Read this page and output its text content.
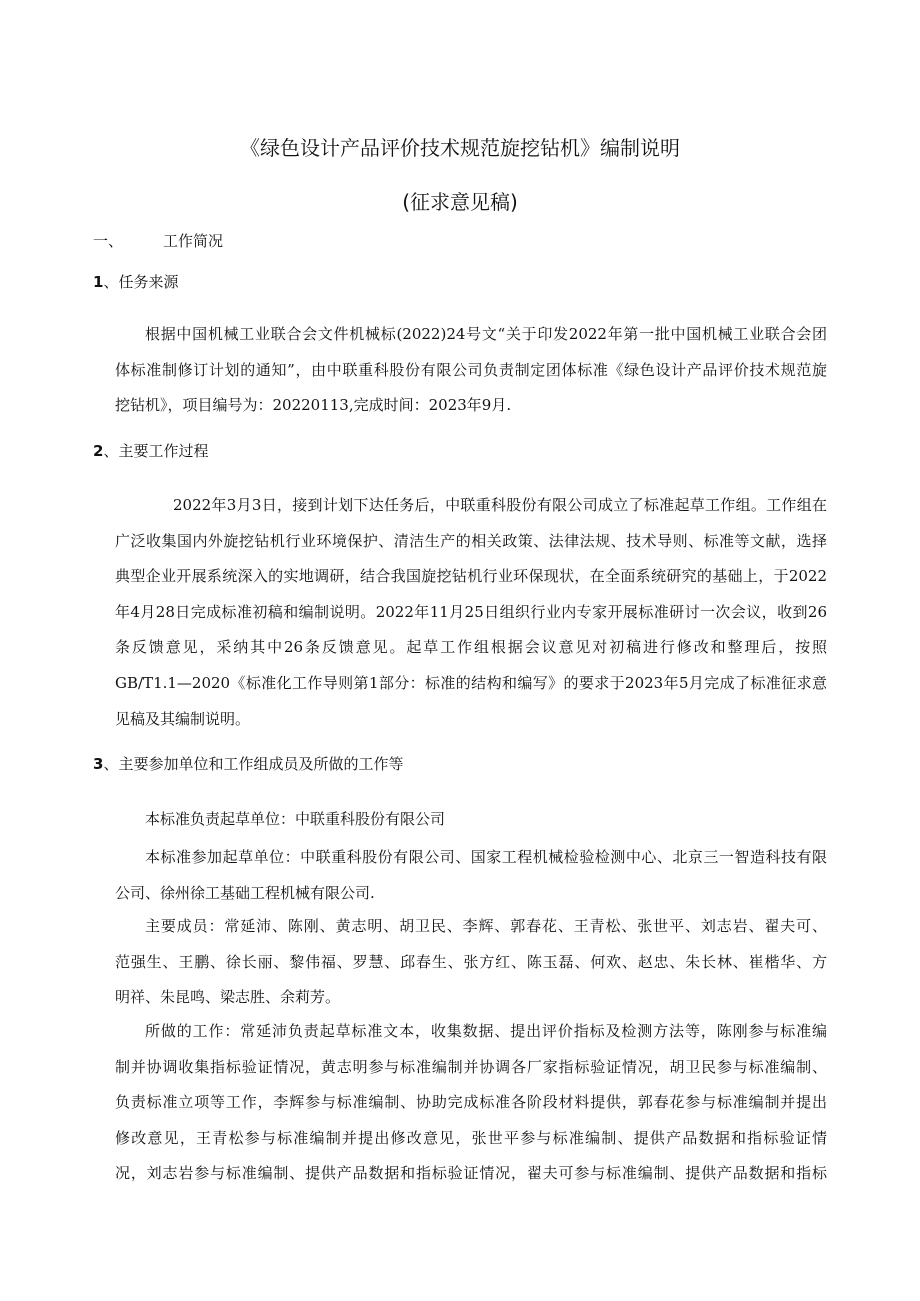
《绿色设计产品评价技术规范旋挖钻机》编制说明
(征求意见稿)
一、	工作简况
1、任务来源
根据中国机械工业联合会文件机械标(2022)24号文“关于印发2022年第一批中国机械工业联合会团
体标准制修订计划的通知”，由中联重科股份有限公司负责制定团体标准《绿色设计产品评价技术规范旋
挖钻机》，项目编号为：20220113,完成时间：2023年9月.
2、主要工作过程
2022年3月3日，接到计划下达任务后，中联重科股份有限公司成立了标准起草工作组。工作组在
广泛收集国内外旋挖钻机行业环境保护、清洁生产的相关政策、法律法规、技术导则、标准等文献，选择
典型企业开展系统深入的实地调研，结合我国旋挖钻机行业环保现状，在全面系统研究的基础上，于2022
年4月28日完成标准初稿和编制说明。2022年11月25日组织行业内专家开展标准研讨一次会议，收到26
条反馈意见，采纳其中26条反馈意见。起草工作组根据会议意见对初稿进行修改和整理后，按照
GB/T1.1—2020《标准化工作导则第1部分：标准的结构和编写》的要求于2023年5月完成了标准征求意
见稿及其编制说明。
3、主要参加单位和工作组成员及所做的工作等
本标准负责起草单位：中联重科股份有限公司
本标准参加起草单位：中联重科股份有限公司、国家工程机械检验检测中心、北京三一智造科技有限
公司、徐州徐工基础工程机械有限公司.
主要成员：常延沛、陈刚、黄志明、胡卫民、李辉、郭春花、王青松、张世平、刘志岩、翟夫可、
范强生、王鹏、徐长丽、黎伟福、罗慧、邱春生、张方红、陈玉磊、何欢、赵忠、朱长林、崔楷华、方
明祥、朱昆鸣、梁志胜、余莉芳。
所做的工作：常延沛负责起草标准文本，收集数据、提出评价指标及检测方法等，陈刚参与标准编
制并协调收集指标验证情况，黄志明参与标准编制并协调各厂家指标验证情况，胡卫民参与标准编制、
负责标准立项等工作，李辉参与标准编制、协助完成标准各阶段材料提供，郭春花参与标准编制并提出
修改意见，王青松参与标准编制并提出修改意见，张世平参与标准编制、提供产品数据和指标验证情
况，刘志岩参与标准编制、提供产品数据和指标验证情况，翟夫可参与标准编制、提供产品数据和指标
